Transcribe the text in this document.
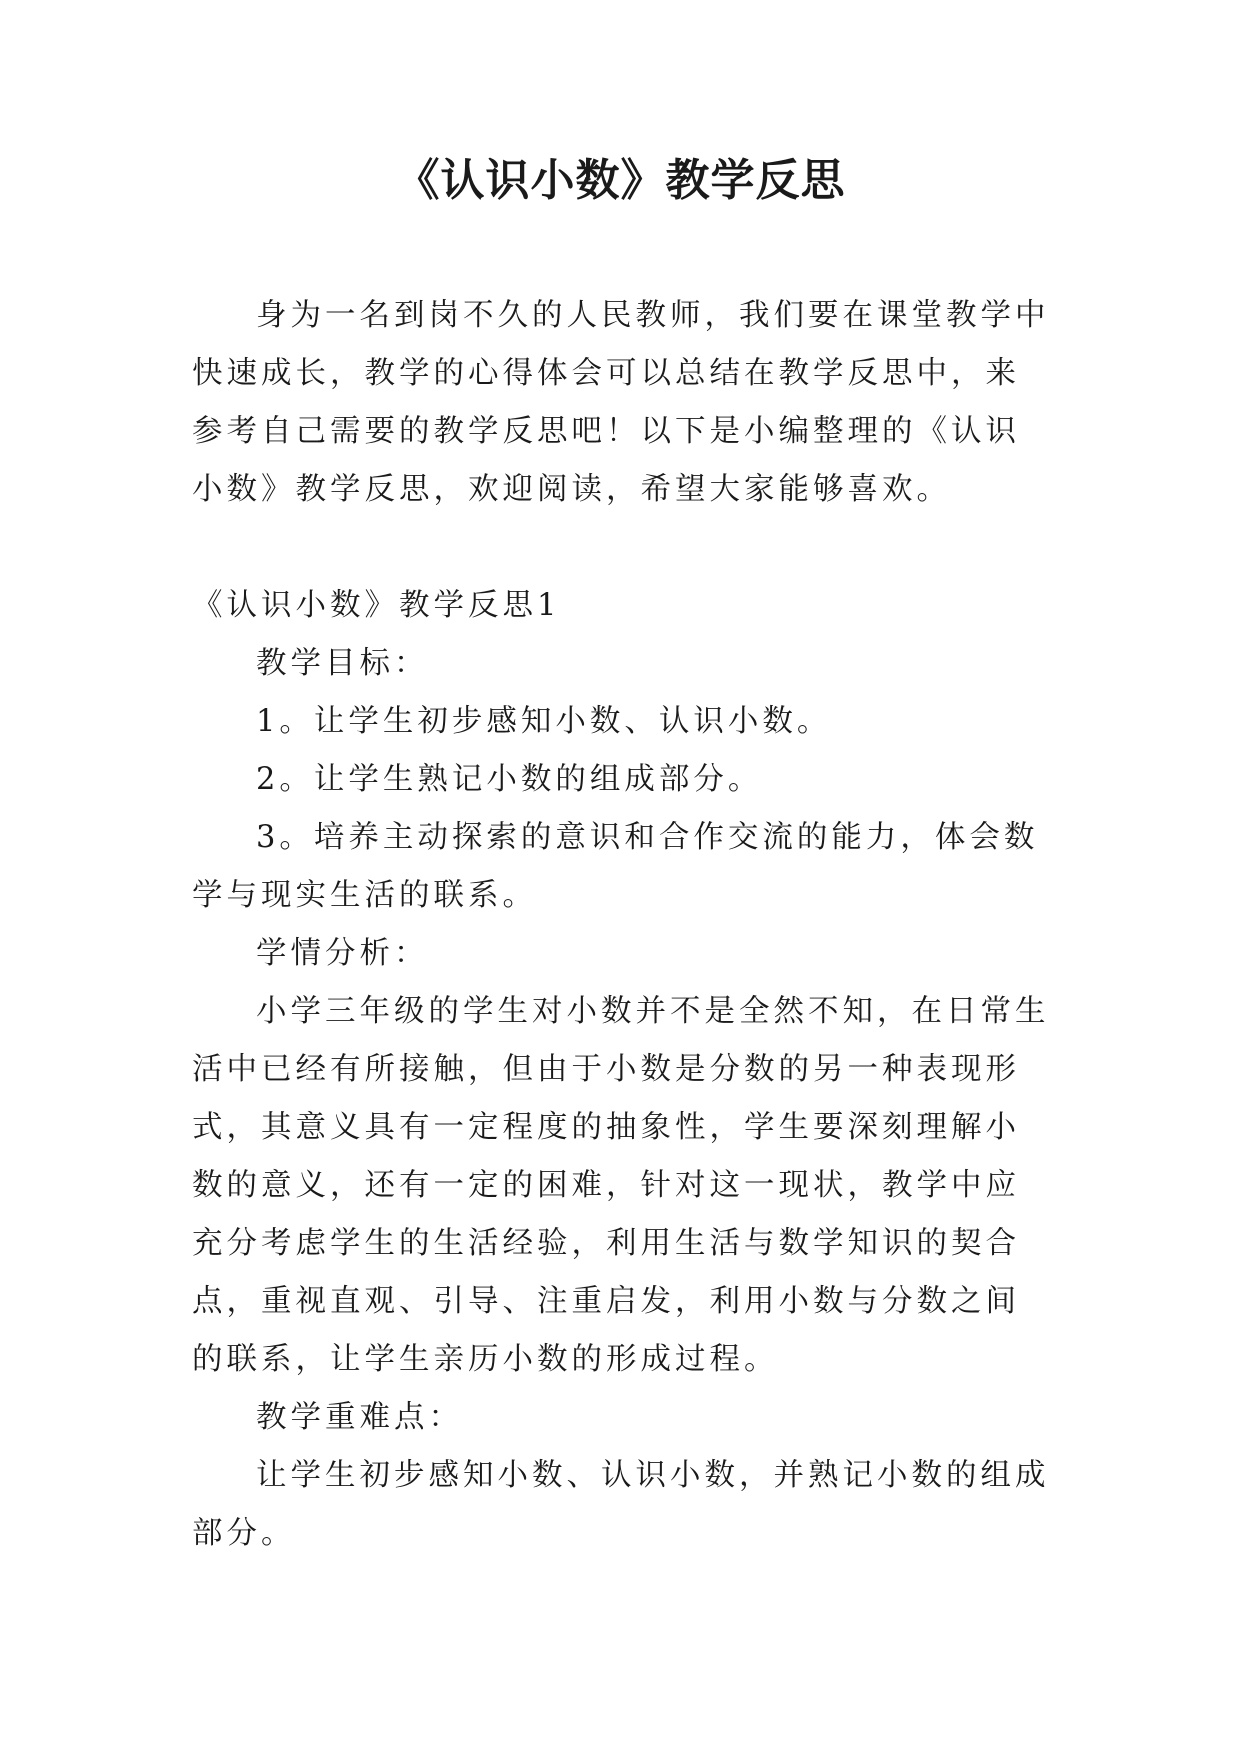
《认识小数》教学反思

身为一名到岗不久的人民教师，我们要在课堂教学中快速成长，教学的心得体会可以总结在教学反思中，来参考自己需要的教学反思吧！以下是小编整理的《认识小数》教学反思，欢迎阅读，希望大家能够喜欢。

《认识小数》教学反思1

教学目标：

1。让学生初步感知小数、认识小数。

2。让学生熟记小数的组成部分。

3。培养主动探索的意识和合作交流的能力，体会数学与现实生活的联系。

学情分析：

小学三年级的学生对小数并不是全然不知，在日常生活中已经有所接触，但由于小数是分数的另一种表现形式，其意义具有一定程度的抽象性，学生要深刻理解小数的意义，还有一定的困难，针对这一现状，教学中应充分考虑学生的生活经验，利用生活与数学知识的契合点，重视直观、引导、注重启发，利用小数与分数之间的联系，让学生亲历小数的形成过程。

教学重难点：

让学生初步感知小数、认识小数，并熟记小数的组成部分。
